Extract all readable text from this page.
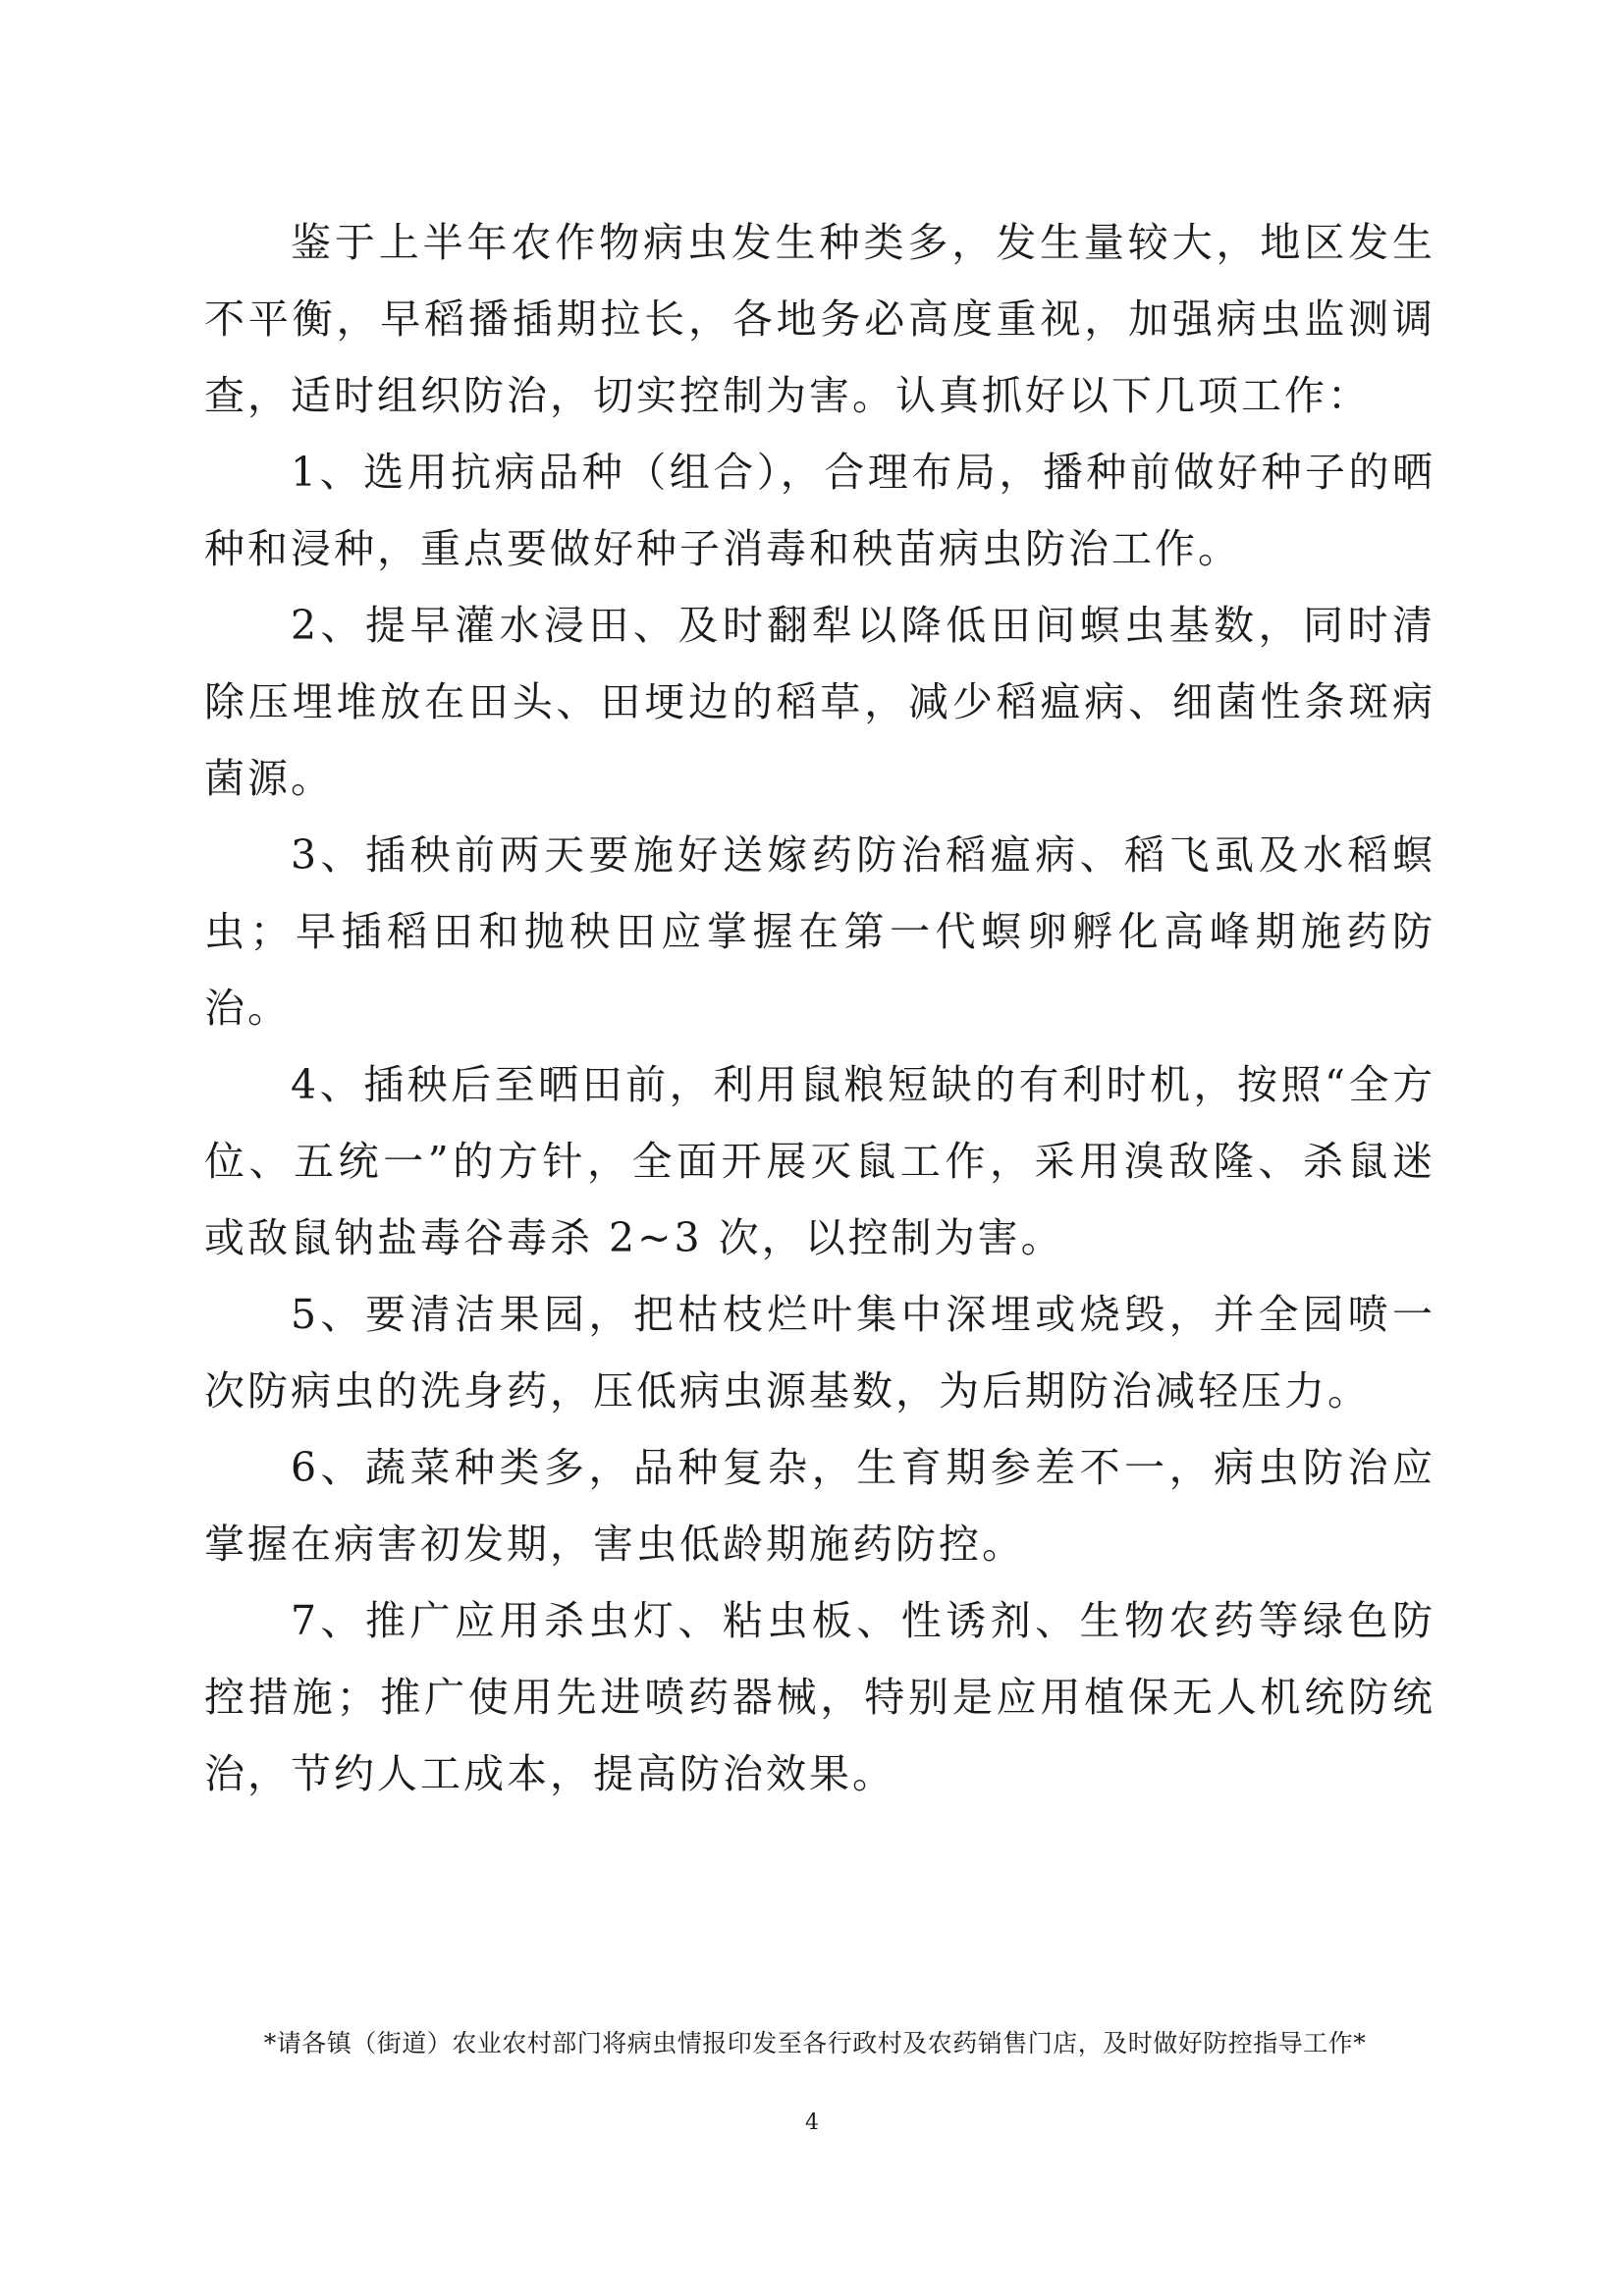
鉴于上半年农作物病虫发生种类多，发生量较大，地区发生不平衡，早稻播插期拉长，各地务必高度重视，加强病虫监测调查，适时组织防治，切实控制为害。认真抓好以下几项工作：

1、选用抗病品种（组合），合理布局，播种前做好种子的晒种和浸种，重点要做好种子消毒和秧苗病虫防治工作。

2、提早灌水浸田、及时翻犁以降低田间螟虫基数，同时清除压埋堆放在田头、田埂边的稻草，减少稻瘟病、细菌性条斑病菌源。

3、插秧前两天要施好送嫁药防治稻瘟病、稻飞虱及水稻螟虫；早插稻田和抛秧田应掌握在第一代螟卵孵化高峰期施药防治。

4、插秧后至晒田前，利用鼠粮短缺的有利时机，按照“全方位、五统一”的方针，全面开展灭鼠工作，采用溴敌隆、杀鼠迷或敌鼠钠盐毒谷毒杀 2~3 次，以控制为害。

5、要清洁果园，把枯枝烂叶集中深埋或烧毁，并全园喷一次防病虫的洗身药，压低病虫源基数，为后期防治减轻压力。

6、蔬菜种类多，品种复杂，生育期参差不一，病虫防治应掌握在病害初发期，害虫低龄期施药防控。

7、推广应用杀虫灯、粘虫板、性诱剂、生物农药等绿色防控措施；推广使用先进喷药器械，特别是应用植保无人机统防统治，节约人工成本，提高防治效果。

*请各镇（街道）农业农村部门将病虫情报印发至各行政村及农药销售门店，及时做好防控指导工作*
4
